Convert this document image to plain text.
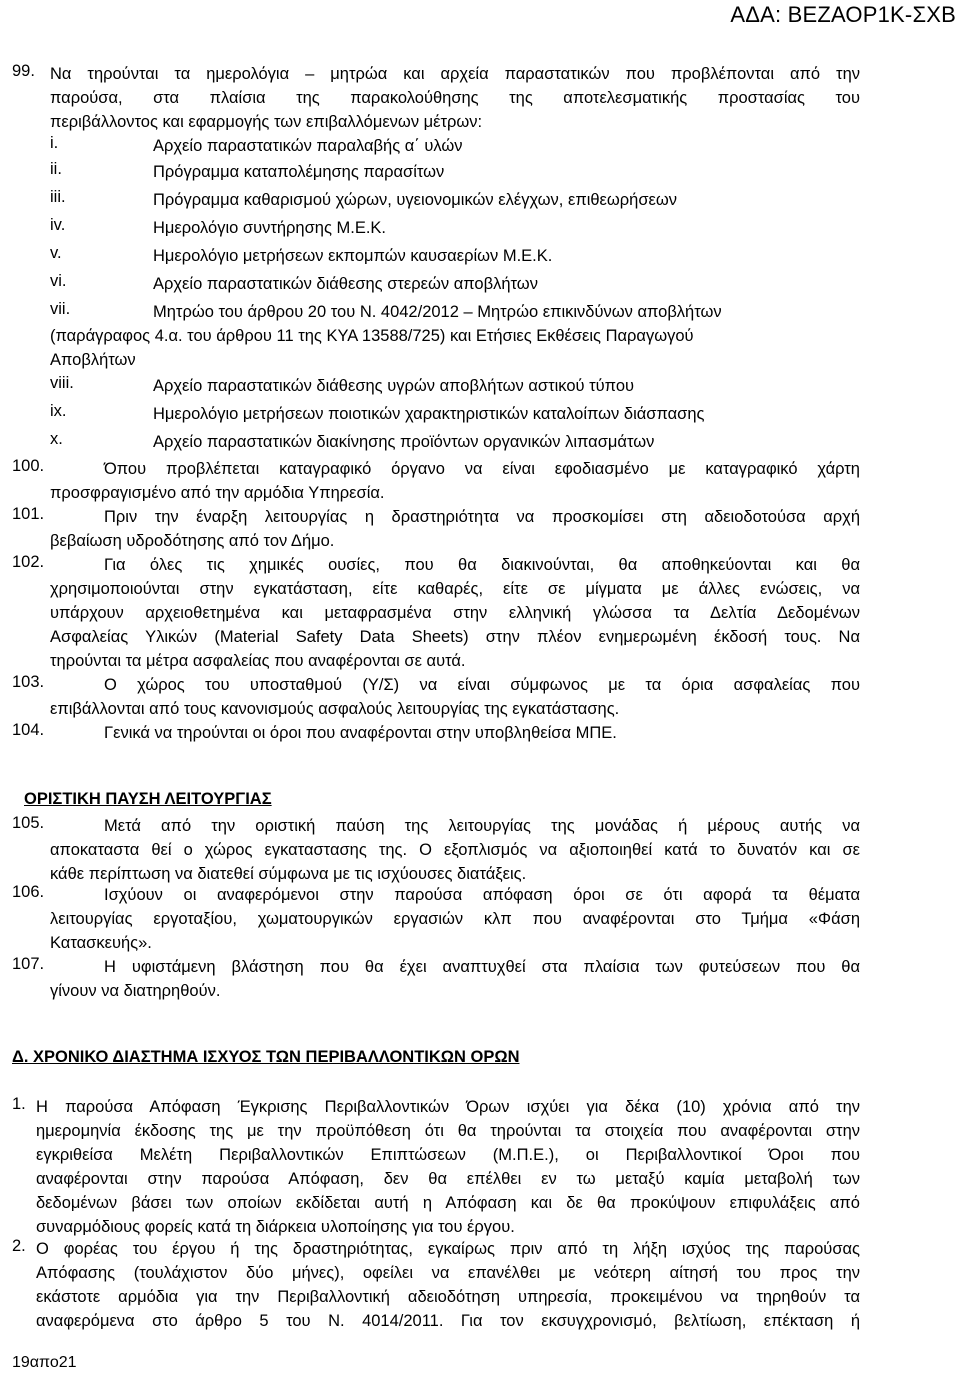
ΑΔΑ: ΒΕΖΑΟΡ1Κ-ΣΧΒ
99. Να τηρούνται τα ημερολόγια – μητρώα και αρχεία παραστατικών που προβλέπονται από την
παρούσα, στα πλαίσια της παρακολούθησης της αποτελεσματικής προστασίας του
περιβάλλοντος και εφαρμογής των επιβαλλόμενων μέτρων:
i.	Αρχείο παραστατικών παραλαβής α΄ υλών
ii.	Πρόγραμμα καταπολέμησης παρασίτων
iii.	Πρόγραμμα καθαρισμού χώρων, υγειονομικών ελέγχων, επιθεωρήσεων
iv.	Ημερολόγιο συντήρησης Μ.Ε.Κ.
v.	Ημερολόγιο μετρήσεων εκπομπών καυσαερίων Μ.Ε.Κ.
vi.	Αρχείο παραστατικών διάθεσης στερεών αποβλήτων
vii.	Μητρώο του άρθρου 20 του Ν. 4042/2012 – Μητρώο επικινδύνων αποβλήτων
(παράγραφος 4.α. του άρθρου 11 της ΚΥΑ 13588/725) και Ετήσιες Εκθέσεις Παραγωγού
Αποβλήτων
viii.	Αρχείο παραστατικών διάθεσης υγρών αποβλήτων αστικού τύπου
ix.	Ημερολόγιο μετρήσεων ποιοτικών χαρακτηριστικών καταλοίπων διάσπασης
x.	Αρχείο παραστατικών διακίνησης προϊόντων οργανικών λιπασμάτων
100.	Όπου προβλέπεται καταγραφικό όργανο να είναι εφοδιασμένο με καταγραφικό χάρτη
προσφραγισμένο από την αρμόδια Υπηρεσία.
101.	Πριν την έναρξη λειτουργίας η δραστηριότητα να προσκομίσει στη αδειοδοτούσα αρχή
βεβαίωση υδροδότησης από τον Δήμο.
102.	Για όλες τις χημικές ουσίες, που θα διακινούνται, θα αποθηκεύονται και θα
χρησιμοποιούνται στην εγκατάσταση, είτε καθαρές, είτε σε μίγματα με άλλες ενώσεις, να
υπάρχουν αρχειοθετημένα και μεταφρασμένα στην ελληνική γλώσσα τα Δελτία Δεδομένων
Ασφαλείας Υλικών (Material Safety Data Sheets) στην πλέον ενημερωμένη έκδοσή τους. Να
τηρούνται τα μέτρα ασφαλείας που αναφέρονται σε αυτά.
103.	Ο χώρος του υποσταθμού (Υ/Σ) να είναι σύμφωνος με τα όρια ασφαλείας που
επιβάλλονται από τους κανονισμούς ασφαλούς λειτουργίας της εγκατάστασης.
104.	Γενικά να τηρούνται οι όροι που αναφέρονται στην υποβληθείσα ΜΠΕ.
ΟΡΙΣΤΙΚΗ ΠΑΥΣΗ ΛΕΙΤΟΥΡΓΙΑΣ
105.	Μετά από την οριστική παύση της λειτουργίας της μονάδας ή μέρους αυτής να
αποκαταστα θεί ο χώρος εγκαταστασης της. Ο εξοπλισμός να αξιοποιηθεί κατά το δυνατόν και σε
κάθε περίπτωση να διατεθεί σύμφωνα με τις ισχύουσες διατάξεις.
106.	Ισχύουν οι αναφερόμενοι στην παρούσα απόφαση όροι σε ότι αφορά τα θέματα
λειτουργίας εργοταξίου, χωματουργικών εργασιών κλπ που αναφέρονται στο Τμήμα «Φάση
Κατασκευής».
107.	Η υφιστάμενη βλάστηση που θα έχει αναπτυχθεί στα πλαίσια των φυτεύσεων που θα
γίνουν να διατηρηθούν.
Δ. ΧΡΟΝΙΚΟ ΔΙΑΣΤΗΜΑ ΙΣΧΥΟΣ ΤΩΝ ΠΕΡΙΒΑΛΛΟΝΤΙΚΩΝ ΟΡΩΝ
1. Η παρούσα Απόφαση Έγκρισης Περιβαλλοντικών Όρων ισχύει για δέκα (10) χρόνια από την
ημερομηνία έκδοσης της με την προϋπόθεση ότι θα τηρούνται τα στοιχεία που αναφέρονται στην
εγκριθείσα Μελέτη Περιβαλλοντικών Επιπτώσεων (Μ.Π.Ε.), οι Περιβαλλοντικοί Όροι που
αναφέρονται στην παρούσα Απόφαση, δεν θα επέλθει εν τω μεταξύ καμία μεταβολή των
δεδομένων βάσει των οποίων εκδίδεται αυτή η Απόφαση και δε θα προκύψουν επιφυλάξεις από
συναρμόδιους φορείς κατά τη διάρκεια υλοποίησης για του έργου.
2. Ο φορέας του έργου ή της δραστηριότητας, εγκαίρως πριν από τη λήξη ισχύος της παρούσας
Απόφασης (τουλάχιστον δύο μήνες), οφείλει να επανέλθει με νεότερη αίτησή του προς την
εκάστοτε αρμόδια για την Περιβαλλοντική αδειοδότηση υπηρεσία, προκειμένου να τηρηθούν τα
αναφερόμενα στο άρθρο 5 του Ν. 4014/2011. Για τον εκσυγχρονισμό, βελτίωση, επέκταση ή
19απο21
